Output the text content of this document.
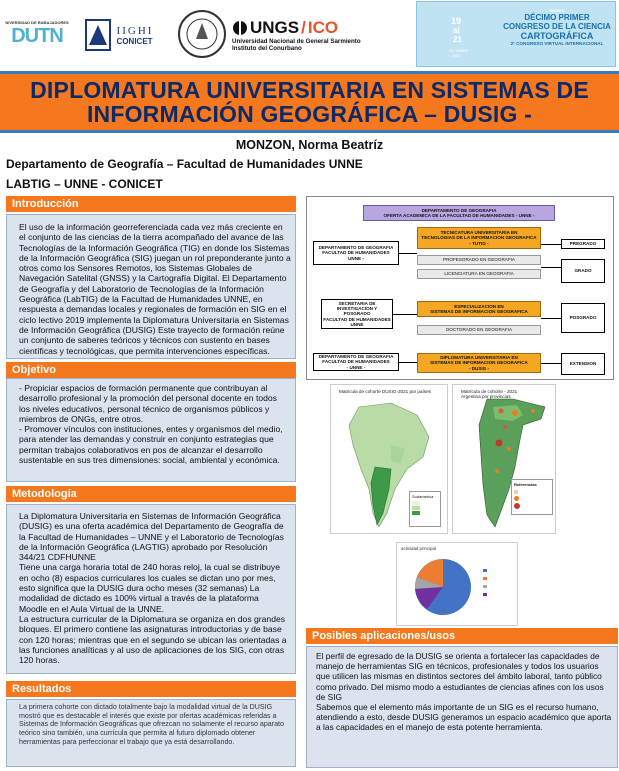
NIVERSIDAD DE RABAJADORES
DUTN	IIGHI
CONICET
UNGS / ICO
Universidad Nacional de General Sarmiento
Instituto del Conurbano
19
al 21
OCTUBRE - 2022
XIEGCC
DÉCIMO PRIMER
CONGRESO DE LA CIENCIA
CARTOGRÁFICA
2° CONGRESO VIRTUAL INTERNACIONAL
DIPLOMATURA UNIVERSITARIA EN SISTEMAS DE
INFORMACIÓN GEOGRÁFICA – DUSIG -
MONZON, Norma Beatríz
Departamento de Geografía – Facultad de Humanidades UNNE
LABTIG – UNNE - CONICET
Introducción
El uso de la información georreferenciada cada vez más creciente en el conjunto de las ciencias de la tierra acompañado del avance de las Tecnologías de la Información Geográfica (TIG) en donde los Sistemas de la Información Geográfica (SIG) juegan un rol preponderante junto a otros como los Sensores Remotos, los Sistemas Globales de Navegación Satelital (GNSS) y la Cartografía Digital. El Departamento de Geografía y del Laboratorio de Tecnologías de la Información Geográfica (LabTIG) de la Facultad de Humanidades UNNE, en respuesta a demandas locales y regionales de formación en SIG en el ciclo lectivo 2019 implementa la Diplomatura Universitaria en Sistemas de Información Geográfica (DUSIG) Este trayecto de formación reúne un conjunto de saberes teóricos y técnicos con sustento en bases científicas y tecnológicas, que permita intervenciones específicas.
Objetivo
- Propiciar espacios de formación permanente que contribuyan al desarrollo profesional y la promoción del personal docente en todos los niveles educativos, personal técnico de organismos públicos y miembros de ONGs, entre otros.
- Promover vínculos con instituciones, entes y organismos del medio, para atender las demandas y construir en conjunto estrategias que permitan trabajos colaborativos en pos de alcanzar el desarrollo sustentable en sus tres dimensiones: social, ambiental y económica.
Metodología
La Diplomatura Universitaria en Sistemas de Información Geográfica (DUSIG) es una oferta académica del Departamento de Geografía de la Facultad de Humanidades – UNNE y el Laboratorio de Tecnologías de la Información Geográfica (LAGTIG) aprobado por Resolución 344/21 CDFHUNNE
Tiene una carga horaria total de 240 horas reloj, la cual se distribuye en ocho (8) espacios curriculares los cuales se dictan uno por mes, esto significa que la DUSIG dura ocho meses (32 semanas) La modalidad de dictado es 100% virtual a través de la plataforma Moodle en el Aula Virtual de la UNNE.
La estructura curricular de la Diplomatura se organiza en dos grandes bloques. El primero contiene las asignaturas introductorias y de base con 120 horas; mientras que en el segundo se ubican las orientadas a las funciones analíticas y al uso de aplicaciones de los SIG, con otras 120 horas.
Resultados
La primera cohorte con dictado totalmente bajo la modalidad virtual de la DUSIG mostró que es destacable el interés que existe por ofertas académicas referidas a Sistemas de Información Geográficas que ofrezcan no solamente el recurso aparato teórico sino también, una currícula que permita al futuro diplomado obtener herramientas para perfeccionar el trabajo que ya está desarrollando.
DEPARTAMENTO DE GEOGRAFIA
OFERTA ACADEMICA DE LA FACULTAD DE HUMANIDADES - UNNE -
DEPARTAMENTO DE GEOGRAFIA
FACULTAD DE HUMANIDADES
UNNE -
SECRETARIA DE
INVESTIGACION Y POSGRADO
FACULTAD DE HUMANIDADES
UNNE
DEPARTAMENTO DE GEOGRAFIA
FACULTAD DE HUMANIDADES
- UNNE -
TECNICATURA UNIVERSITARIA EN
TECNOLOGIAS DE LA INFORMACION GEOGRAFICA
- TUTIG -
PROFESORADO EN GEOGRAFIA
LICENCIATURA EN GEOGRAFIA
ESPECIALIZACION EN
SISTEMAS DE INFORMACION GEOGRAFICA
DOCTORADO EN GEOGRAFIA
DIPLOMATURA UNIVERSITARIA EN
SISTEMAS DE INFORMACION GEOGRAFICA
- DUSIG -
PREGRADO
GRADO
POSGRADO
EXTENSION
Matricula de cohorte DUSIG-2021 por países
Sudamérica
Matrícula de cohorte - 2021
Argentina por provincias
Referencias
actividad principal
Posibles aplicaciones/usos
El perfil de egresado de la DUSIG se orienta a fortalecer las capacidades de manejo de herramientas SIG en técnicos, profesionales y todos los usuarios que utilicen las mismas en distintos sectores del ámbito laboral, tanto público como privado. Del mismo modo a estudiantes de ciencias afines con los usos de SIG
Sabemos que el elemento más importante de un SIG es el recurso humano, atendiendo a esto, desde DUSIG generamos un espacio académico que aporta a las capacidades en el manejo de esta potente herramienta.
